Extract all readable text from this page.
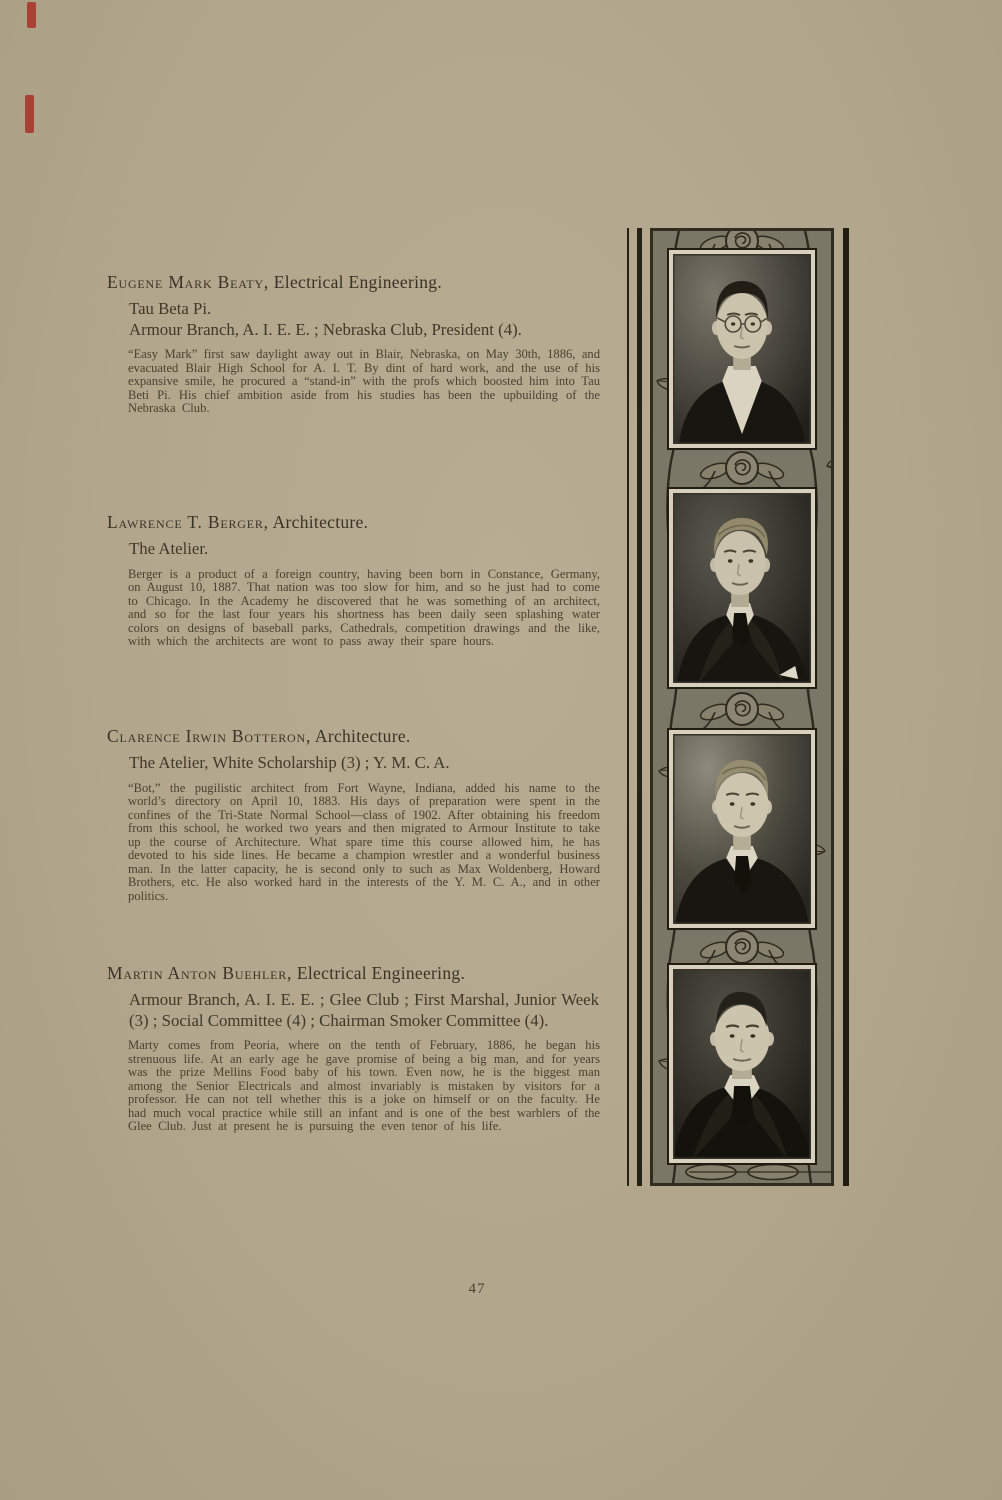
Eugene Mark Beaty, Electrical Engineering.
Tau Beta Pi.
Armour Branch, A. I. E. E. ; Nebraska Club, President (4).

“Easy Mark” first saw daylight away out in Blair, Nebraska, on May 30th, 1886, and evacuated Blair High School for A. I. T. By dint of hard work, and the use of his expansive smile, he procured a “stand-in” with the profs which boosted him into Tau Beti Pi. His chief ambition aside from his studies has been the upbuilding of the Nebraska Club.

Lawrence T. Berger, Architecture.
The Atelier.

Berger is a product of a foreign country, having been born in Constance, Germany, on August 10, 1887. That nation was too slow for him, and so he just had to come to Chicago. In the Academy he discovered that he was something of an architect, and so for the last four years his shortness has been daily seen splashing water colors on designs of baseball parks, Cathedrals, competition drawings and the like, with which the architects are wont to pass away their spare hours.

Clarence Irwin Botteron, Architecture.
The Atelier, White Scholarship (3) ; Y. M. C. A.

“Bot,” the pugilistic architect from Fort Wayne, Indiana, added his name to the world’s directory on April 10, 1883. His days of preparation were spent in the confines of the Tri-State Normal School—class of 1902. After obtaining his freedom from this school, he worked two years and then migrated to Armour Institute to take up the course of Architecture. What spare time this course allowed him, he has devoted to his side lines. He became a champion wrestler and a wonderful business man. In the latter capacity, he is second only to such as Max Woldenberg, Howard Brothers, etc. He also worked hard in the interests of the Y. M. C. A., and in other politics.

Martin Anton Buehler, Electrical Engineering.
Armour Branch, A. I. E. E. ; Glee Club ; First Marshal, Junior Week (3) ; Social Committee (4) ; Chairman Smoker Committee (4).

Marty comes from Peoria, where on the tenth of February, 1886, he began his strenuous life. At an early age he gave promise of being a big man, and for years was the prize Mellins Food baby of his town. Even now, he is the biggest man among the Senior Electricals and almost invariably is mistaken by visitors for a professor. He can not tell whether this is a joke on himself or on the faculty. He had much vocal practice while still an infant and is one of the best warblers of the Glee Club. Just at present he is pursuing the even tenor of his life.

47
